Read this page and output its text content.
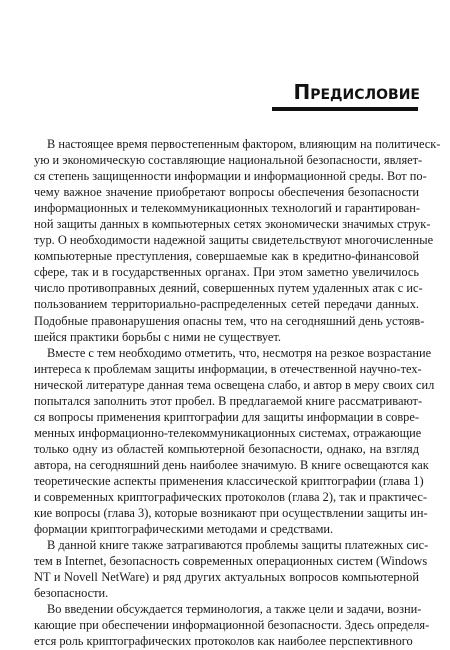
Предисловие
В настоящее время первостепенным фактором, влияющим на политическ-
ую и экономическую составляющие национальной безопасности, являет-
ся степень защищенности информации и информационной среды. Вот по-
чему важное значение приобретают вопросы обеспечения безопасности
информационных и телекоммуникационных технологий и гарантирован-
ной защиты данных в компьютерных сетях экономически значимых струк-
тур. О необходимости надежной защиты свидетельствуют многочисленные
компьютерные преступления, совершаемые как в кредитно-финансовой
сфере, так и в государственных органах. При этом заметно увеличилось
число противоправных деяний, совершенных путем удаленных атак с ис-
пользованием территориально-распределенных сетей передачи данных.
Подобные правонарушения опасны тем, что на сегодняшний день устояв-
шейся практики борьбы с ними не существует.
Вместе с тем необходимо отметить, что, несмотря на резкое возрастание
интереса к проблемам защиты информации, в отечественной научно-тех-
нической литературе данная тема освещена слабо, и автор в меру своих сил
попытался заполнить этот пробел. В предлагаемой книге рассматривают-
ся вопросы применения криптографии для защиты информации в совре-
менных информационно-телекоммуникационных системах, отражающие
только одну из областей компьютерной безопасности, однако, на взгляд
автора, на сегодняшний день наиболее значимую. В книге освещаются как
теоретические аспекты применения классической криптографии (глава 1)
и современных криптографических протоколов (глава 2), так и практичес-
кие вопросы (глава 3), которые возникают при осуществлении защиты ин-
формации криптографическими методами и средствами.
В данной книге также затрагиваются проблемы защиты платежных сис-
тем в Internet, безопасность современных операционных систем (Windows
NT и Novell NetWare) и ряд других актуальных вопросов компьютерной
безопасности.
Во введении обсуждается терминология, а также цели и задачи, возни-
кающие при обеспечении информационной безопасности. Здесь определя-
ется роль криптографических протоколов как наиболее перспективного
